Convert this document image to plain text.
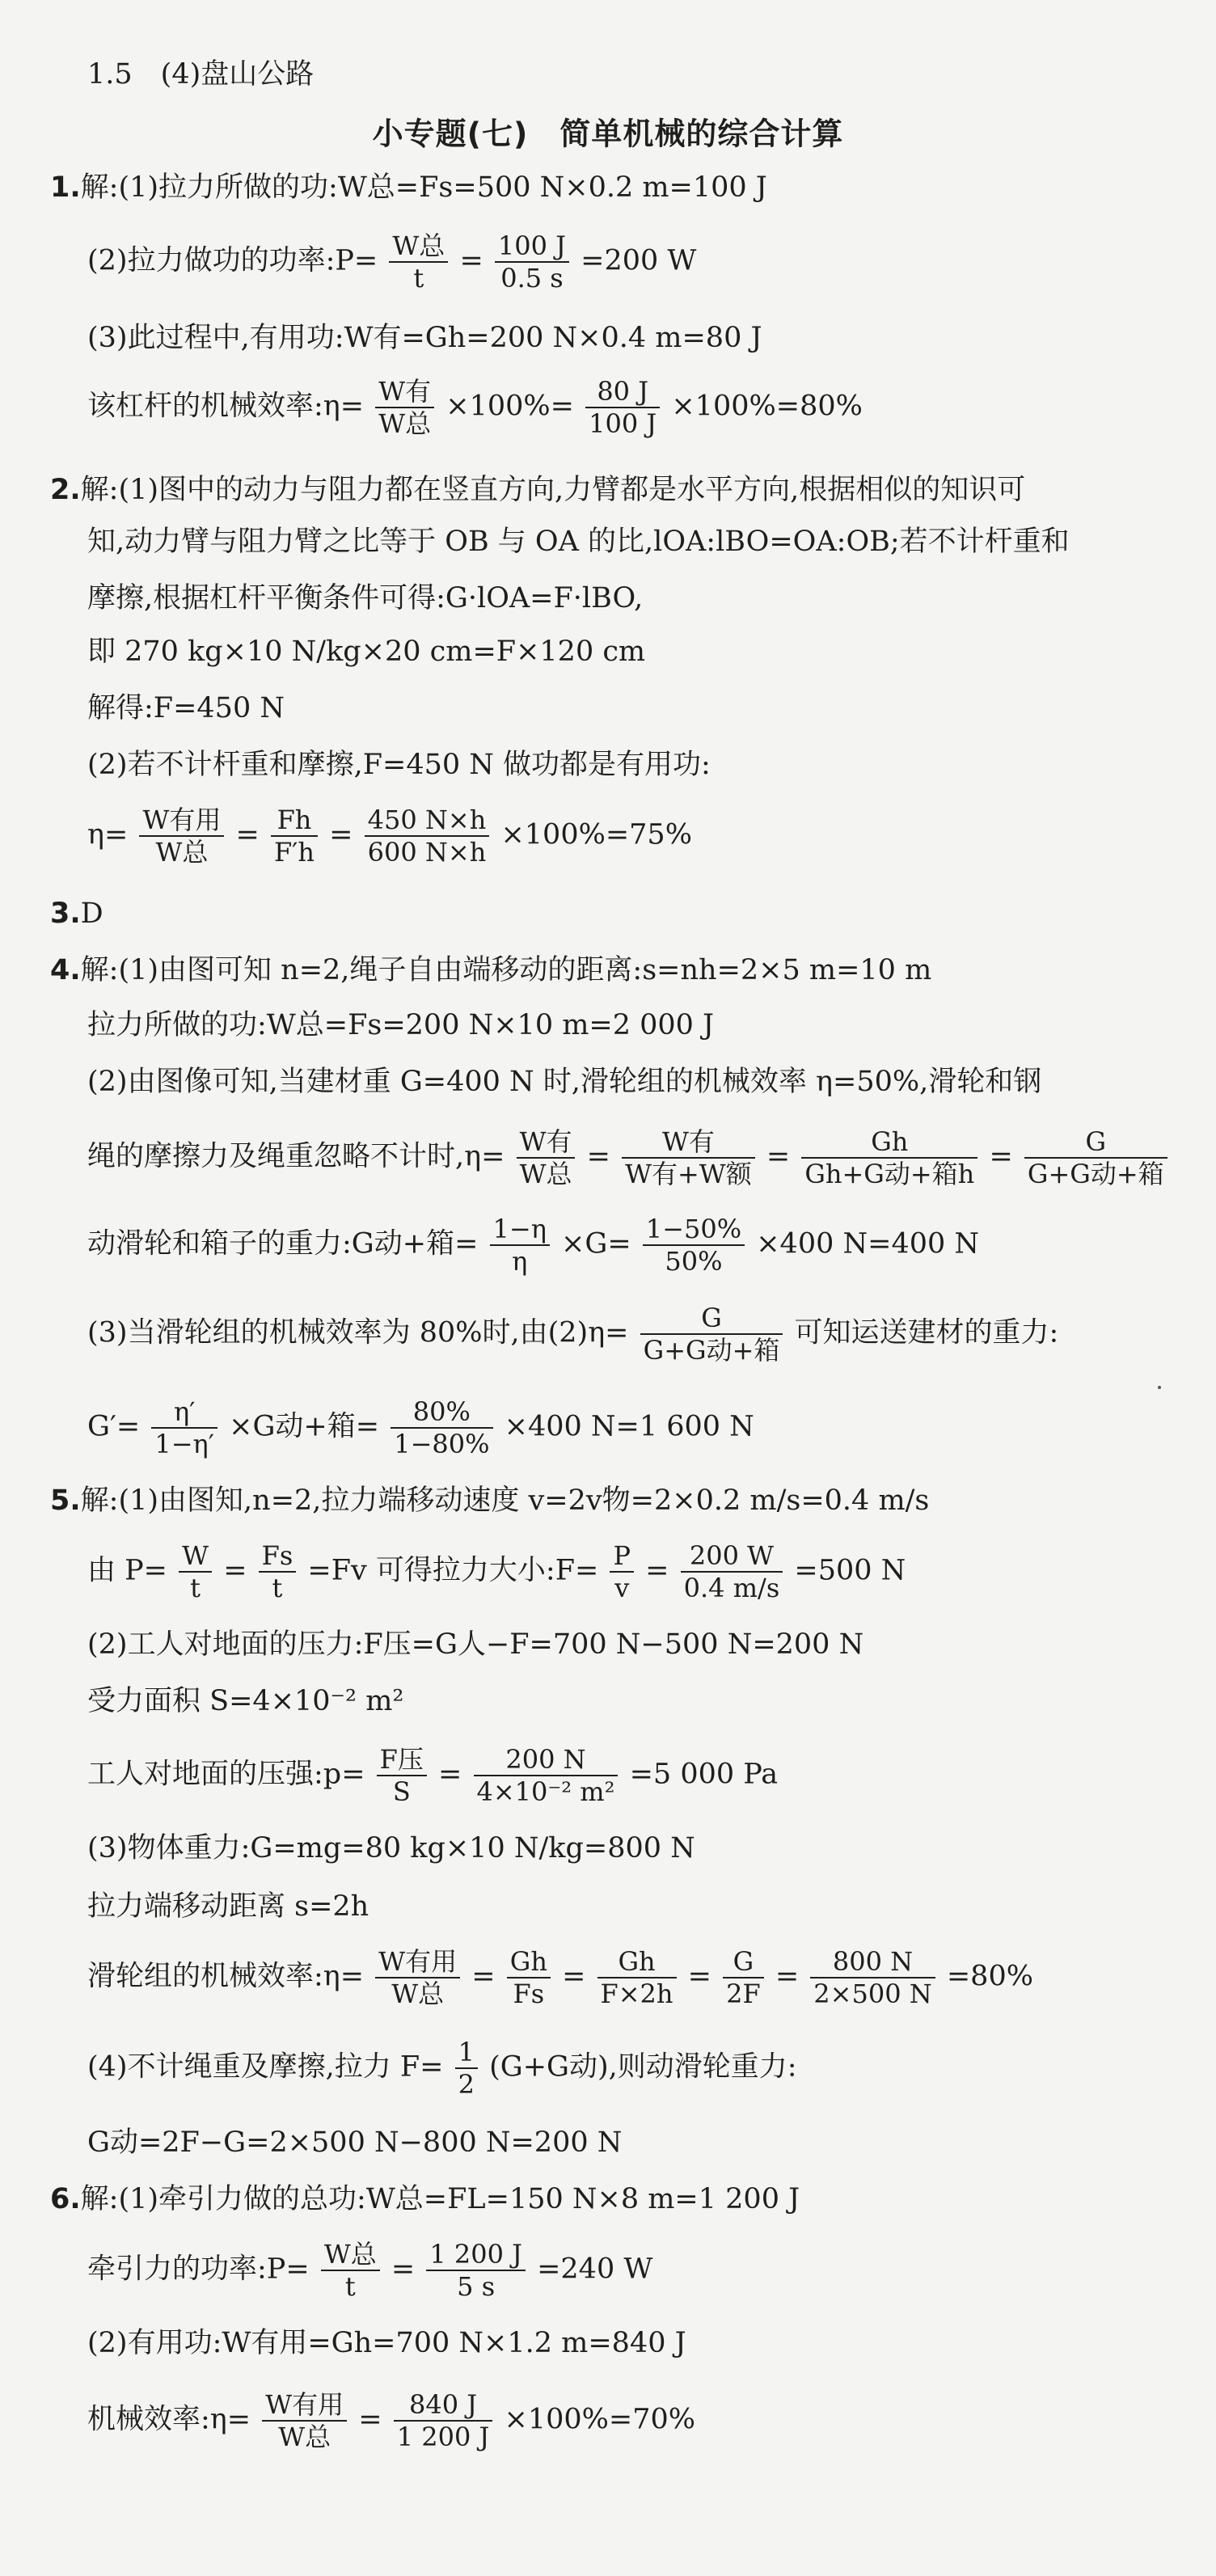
1.5　(4)盘山公路
小专题(七)　简单机械的综合计算
1.解:(1)拉力所做的功:W总=Fs=500 N×0.2 m=100 J
(2)拉力做功的功率:P= $\frac{\text{W总}}{t} = \frac{100 J}{0.5 s} =200$ W
(3)此过程中,有用功:W有=Gh=200 N×0.4 m=80 J
该杠杆的机械效率:η= $\frac{\text{W有}}{\text{W总}} \times 100\%= \frac{80 J}{100 J} \times 100\%=80\%$
2.解:(1)图中的动力与阻力都在竖直方向,力臂都是水平方向,根据相似的知识可
知,动力臂与阻力臂之比等于 OB 与 OA 的比,lOA:lBO=OA:OB;若不计杆重和
摩擦,根据杠杆平衡条件可得:G·lOA=F·lBO,
即 270 kg×10 N/kg×20 cm=F×120 cm
解得:F=450 N
(2)若不计杆重和摩擦,F=450 N 做功都是有用功:
$\eta= \frac{\text{W有用}}{\text{W总}} = \frac{Fh}{F'h} = \frac{450 N\times h}{600 N\times h} \times 100\%=75\%$
3.D
4.解:(1)由图可知 n=2,绳子自由端移动的距离:s=nh=2×5 m=10 m
拉力所做的功:W总=Fs=200 N×10 m=2 000 J
(2)由图像可知,当建材重 G=400 N 时,滑轮组的机械效率 η=50%,滑轮和钢
绳的摩擦力及绳重忽略不计时$,\eta= \frac{\text{W有}}{\text{W总}} = \frac{\text{W有}}{\text{W有+W额}} = \frac{Gh}{\text{Gh+G动+箱h}} = \frac{G}{\text{G+G动+箱}}$
动滑轮和箱子的重力:G动+箱= $\frac{1-\eta}{\eta} \times G= \frac{1-50\%}{50\%} \times 400$ N=400 N
(3)当滑轮组的机械效率为 80%时,由$(2)\eta= \frac{G}{\text{G+G动+箱}}$ 可知运送建材的重力:
$G'= \frac{\eta'}{1-\eta'} \times G$动+箱= $\frac{80\%}{1-80\%} \times 400$ N=1 600 N
5.解:(1)由图知,n=2,拉力端移动速度 v=2v物=2×0.2 m/s=0.4 m/s
由 $P= \frac{W}{t} = \frac{Fs}{t} =Fv$ 可得拉力大小:F= $\frac{P}{v} = \frac{200 W}{0.4 m/s} =500$ N
(2)工人对地面的压力:F压=G人−F=700 N−500 N=200 N
受力面积 S=4×10⁻² m²
工人对地面的压强:p= $\frac{\text{F压}}{S} = \frac{200 N}{\text{4×10⁻² m²}} =5$ 000 Pa
(3)物体重力:G=mg=80 kg×10 N/kg=800 N
拉力端移动距离 s=2h
滑轮组的机械效率:η= $\frac{\text{W有用}}{\text{W总}} = \frac{Gh}{Fs} = \frac{Gh}{F\times 2h} = \frac{G}{2F} = \frac{800 N}{2\times 500 N} =80\%$
(4)不计绳重及摩擦,拉力 $F= \frac{1}{2} (G+G$动),则动滑轮重力:
G动=2F−G=2×500 N−800 N=200 N
6.解:(1)牵引力做的总功:W总=FL=150 N×8 m=1 200 J
牵引力的功率:P= $\frac{\text{W总}}{t} = \frac{1 200 J}{5 s} =240$ W
(2)有用功:W有用=Gh=700 N×1.2 m=840 J
机械效率:η= $\frac{\text{W有用}}{\text{W总}} = \frac{840 J}{1 200 J} \times 100\%=70\%$
